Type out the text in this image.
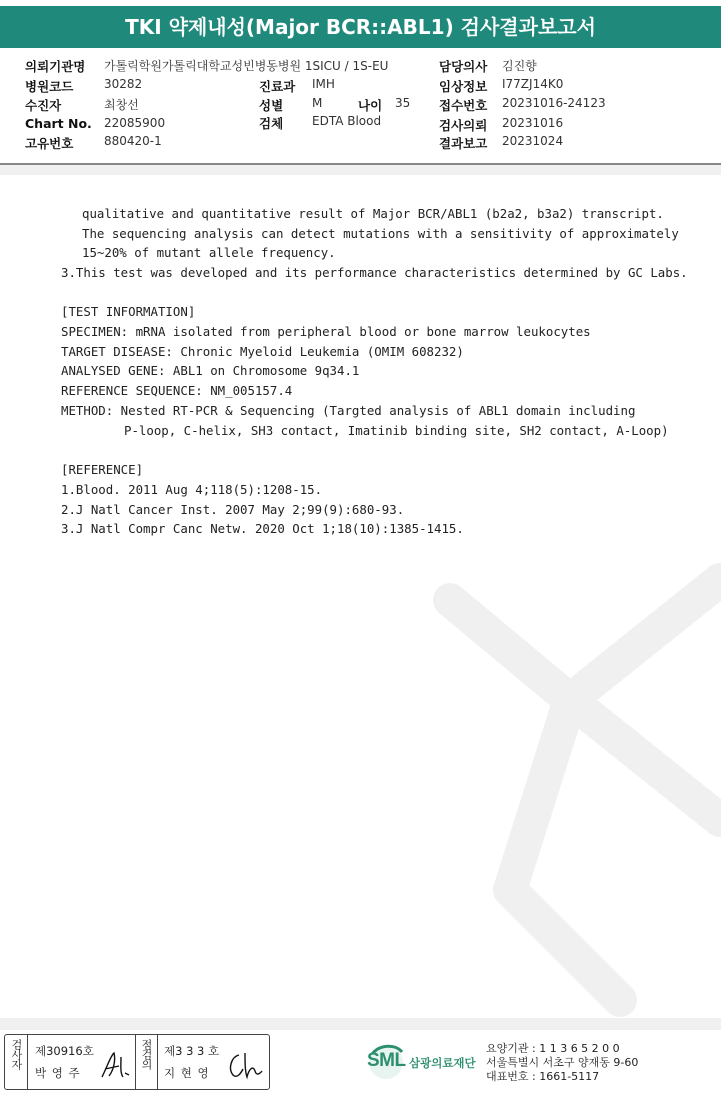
TKI 약제내성(Major BCR::ABL1) 검사결과보고서
의뢰기관명 가톨릭학원가톨릭대학교성빈병동병원 1SICU / 1S-EU	담당의사 김진향
병원코드	30282	진료과 IMH	임상정보 I77ZJ14K0
수진자	최창선	성별 M	나이 35 접수번호 20231016-24123
Chart No. 22085900	검체 EDTA Blood	검사의뢰 20231016
고유번호	880420-1	결과보고 20231024
qualitative and quantitative result of Major BCR/ABL1 (b2a2, b3a2) transcript.
The sequencing analysis can detect mutations with a sensitivity of approximately
15~20% of mutant allele frequency.
3.This test was developed and its performance characteristics determined by GC Labs.
[TEST INFORMATION]
SPECIMEN: mRNA isolated from peripheral blood or bone marrow leukocytes
TARGET DISEASE: Chronic Myeloid Leukemia (OMIM 608232)
ANALYSED GENE: ABL1 on Chromosome 9q34.1
REFERENCE SEQUENCE: NM_005157.4
METHOD: Nested RT-PCR & Sequencing (Targted analysis of ABL1 domain including
P-loop, C-helix, SH3 contact, Imatinib binding site, SH2 contact, A-Loop)
[REFERENCE]
1.Blood. 2011 Aug 4;118(5):1208-15.
2.J Natl Cancer Inst. 2007 May 2;99(9):680-93.
3.J Natl Compr Canc Netw. 2020 Oct 1;18(10):1385-1415.
검사자 제30916호
박 영 주
점검의 제3 3 3 호
지 현 영
SML 삼광의료재단
요양기관 : 1 1 3 6 5 2 0 0
서울특별시 서초구 양재동 9-60
대표번호 : 1661-5117
